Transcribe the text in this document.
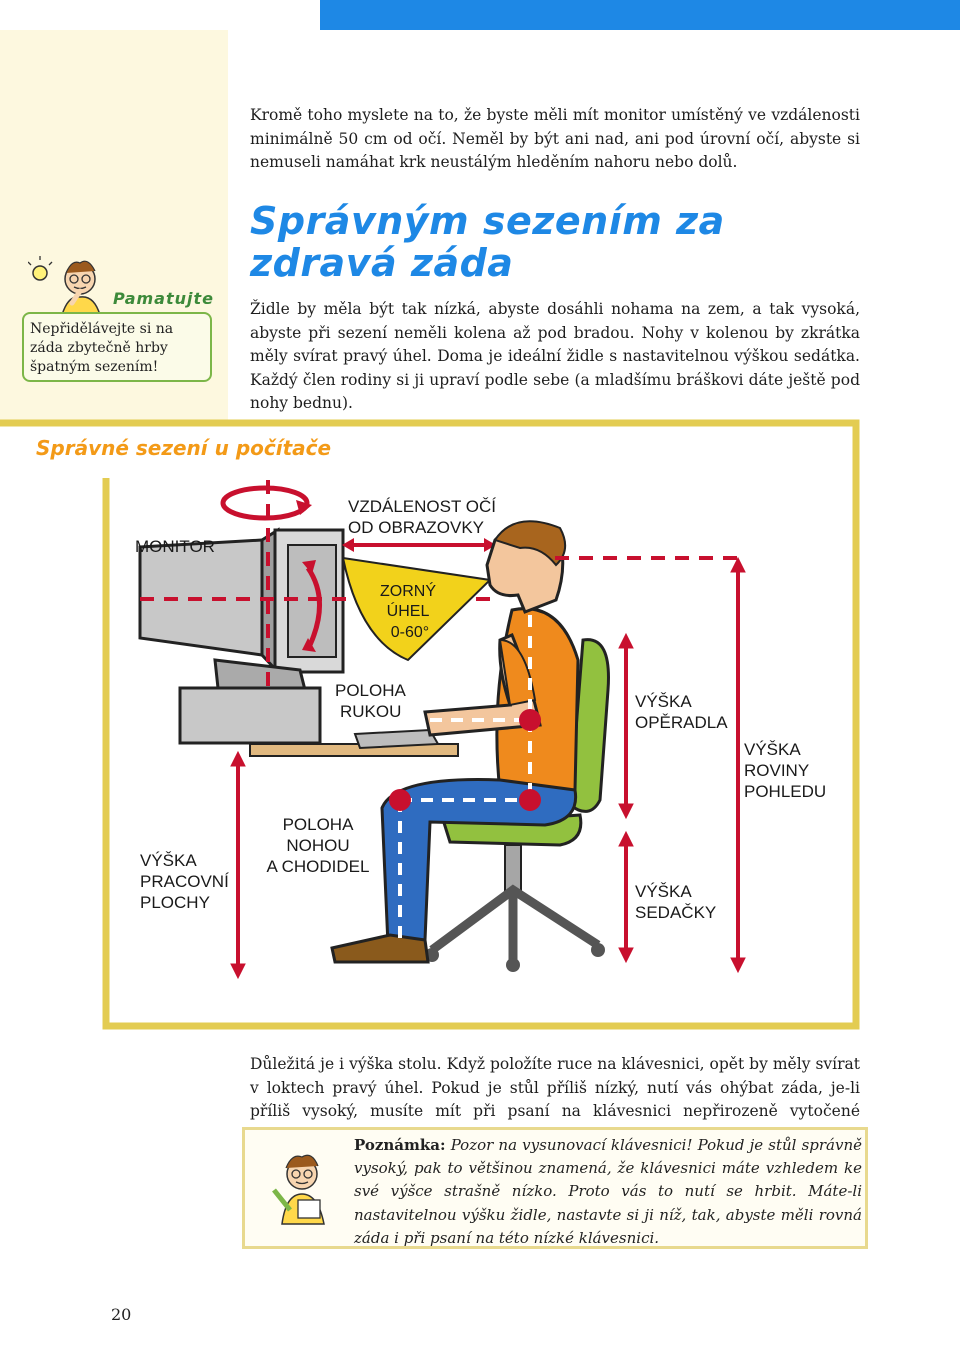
Kromě toho myslete na to, že byste měli mít monitor umístěný ve vzdálenosti minimálně 50 cm od očí. Neměl by být ani nad, ani pod úrovní očí, abyste si nemuseli namáhat krk neustálým hleděním nahoru nebo dolů.

Správným sezením za zdravá záda

Židle by měla být tak nízká, abyste dosáhli nohama na zem, a tak vysoká, abyste při sezení neměli kolena až pod bradou. Nohy v kolenou by zkrátka měly svírat pravý úhel. Doma je ideální židle s nastavitelnou výškou sedátka. Každý člen rodiny si ji upraví podle sebe (a mladšímu bráškovi dáte ještě pod nohy bednu).

Pamatujte
Nepřidělávejte si na záda zbytečně hrby špatným sezením!
Správné sezení u počítače
MONITOR
VZDÁLENOST OČÍ
OD OBRAZOVKY
ZORNÝ
ÚHEL
0-60°
POLOHA
RUKOU
VÝŠKA
OPĚRADLA
VÝŠKA
ROVINY
POHLEDU
POLOHA
NOHOU
A CHODIDEL
VÝŠKA
PRACOVNÍ
PLOCHY
VÝŠKA
SEDAČKY

Důležitá je i výška stolu. Když položíte ruce na klávesnici, opět by měly svírat v loktech pravý úhel. Pokud je stůl příliš nízký, nutí vás ohýbat záda, je-li příliš vysoký, musíte mít při psaní na klávesnici nepřirozeně vytočené

Poznámka: Pozor na vysunovací klávesnici! Pokud je stůl správně vysoký, pak to většinou znamená, že klávesnici máte vzhledem ke své výšce strašně nízko. Proto vás to nutí se hrbit. Máte-li nastavitelnou výšku židle, nastavte si ji níž, tak, abyste měli rovná záda i při psaní na této nízké klávesnici.
20
